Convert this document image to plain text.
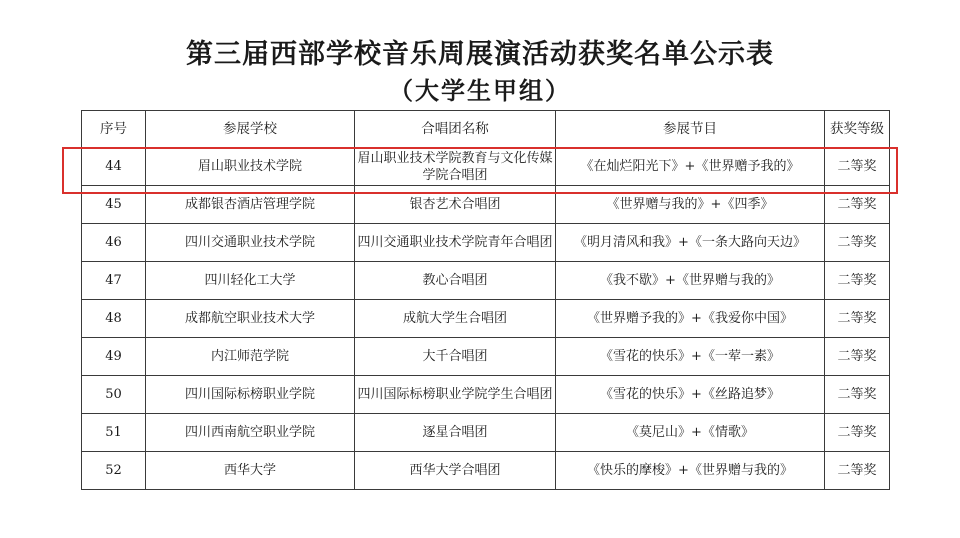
第三届西部学校音乐周展演活动获奖名单公示表
（大学生甲组）
序号	参展学校	合唱团名称	参展节目	获奖等级
44	眉山职业技术学院	眉山职业技术学院教育与文化传媒学院合唱团	《在灿烂阳光下》+《世界赠予我的》	二等奖
45	成都银杏酒店管理学院	银杏艺术合唱团	《世界赠与我的》+《四季》	二等奖
46	四川交通职业技术学院	四川交通职业技术学院青年合唱团	《明月清风和我》+《一条大路向天边》	二等奖
47	四川轻化工大学	教心合唱团	《我不歇》+《世界赠与我的》	二等奖
48	成都航空职业技术大学	成航大学生合唱团	《世界赠予我的》+《我爱你中国》	二等奖
49	内江师范学院	大千合唱团	《雪花的快乐》+《一荤一素》	二等奖
50	四川国际标榜职业学院	四川国际标榜职业学院学生合唱团	《雪花的快乐》+《丝路追梦》	二等奖
51	四川西南航空职业学院	逐星合唱团	《莫尼山》+《情歌》	二等奖
52	西华大学	西华大学合唱团	《快乐的摩梭》+《世界赠与我的》	二等奖
